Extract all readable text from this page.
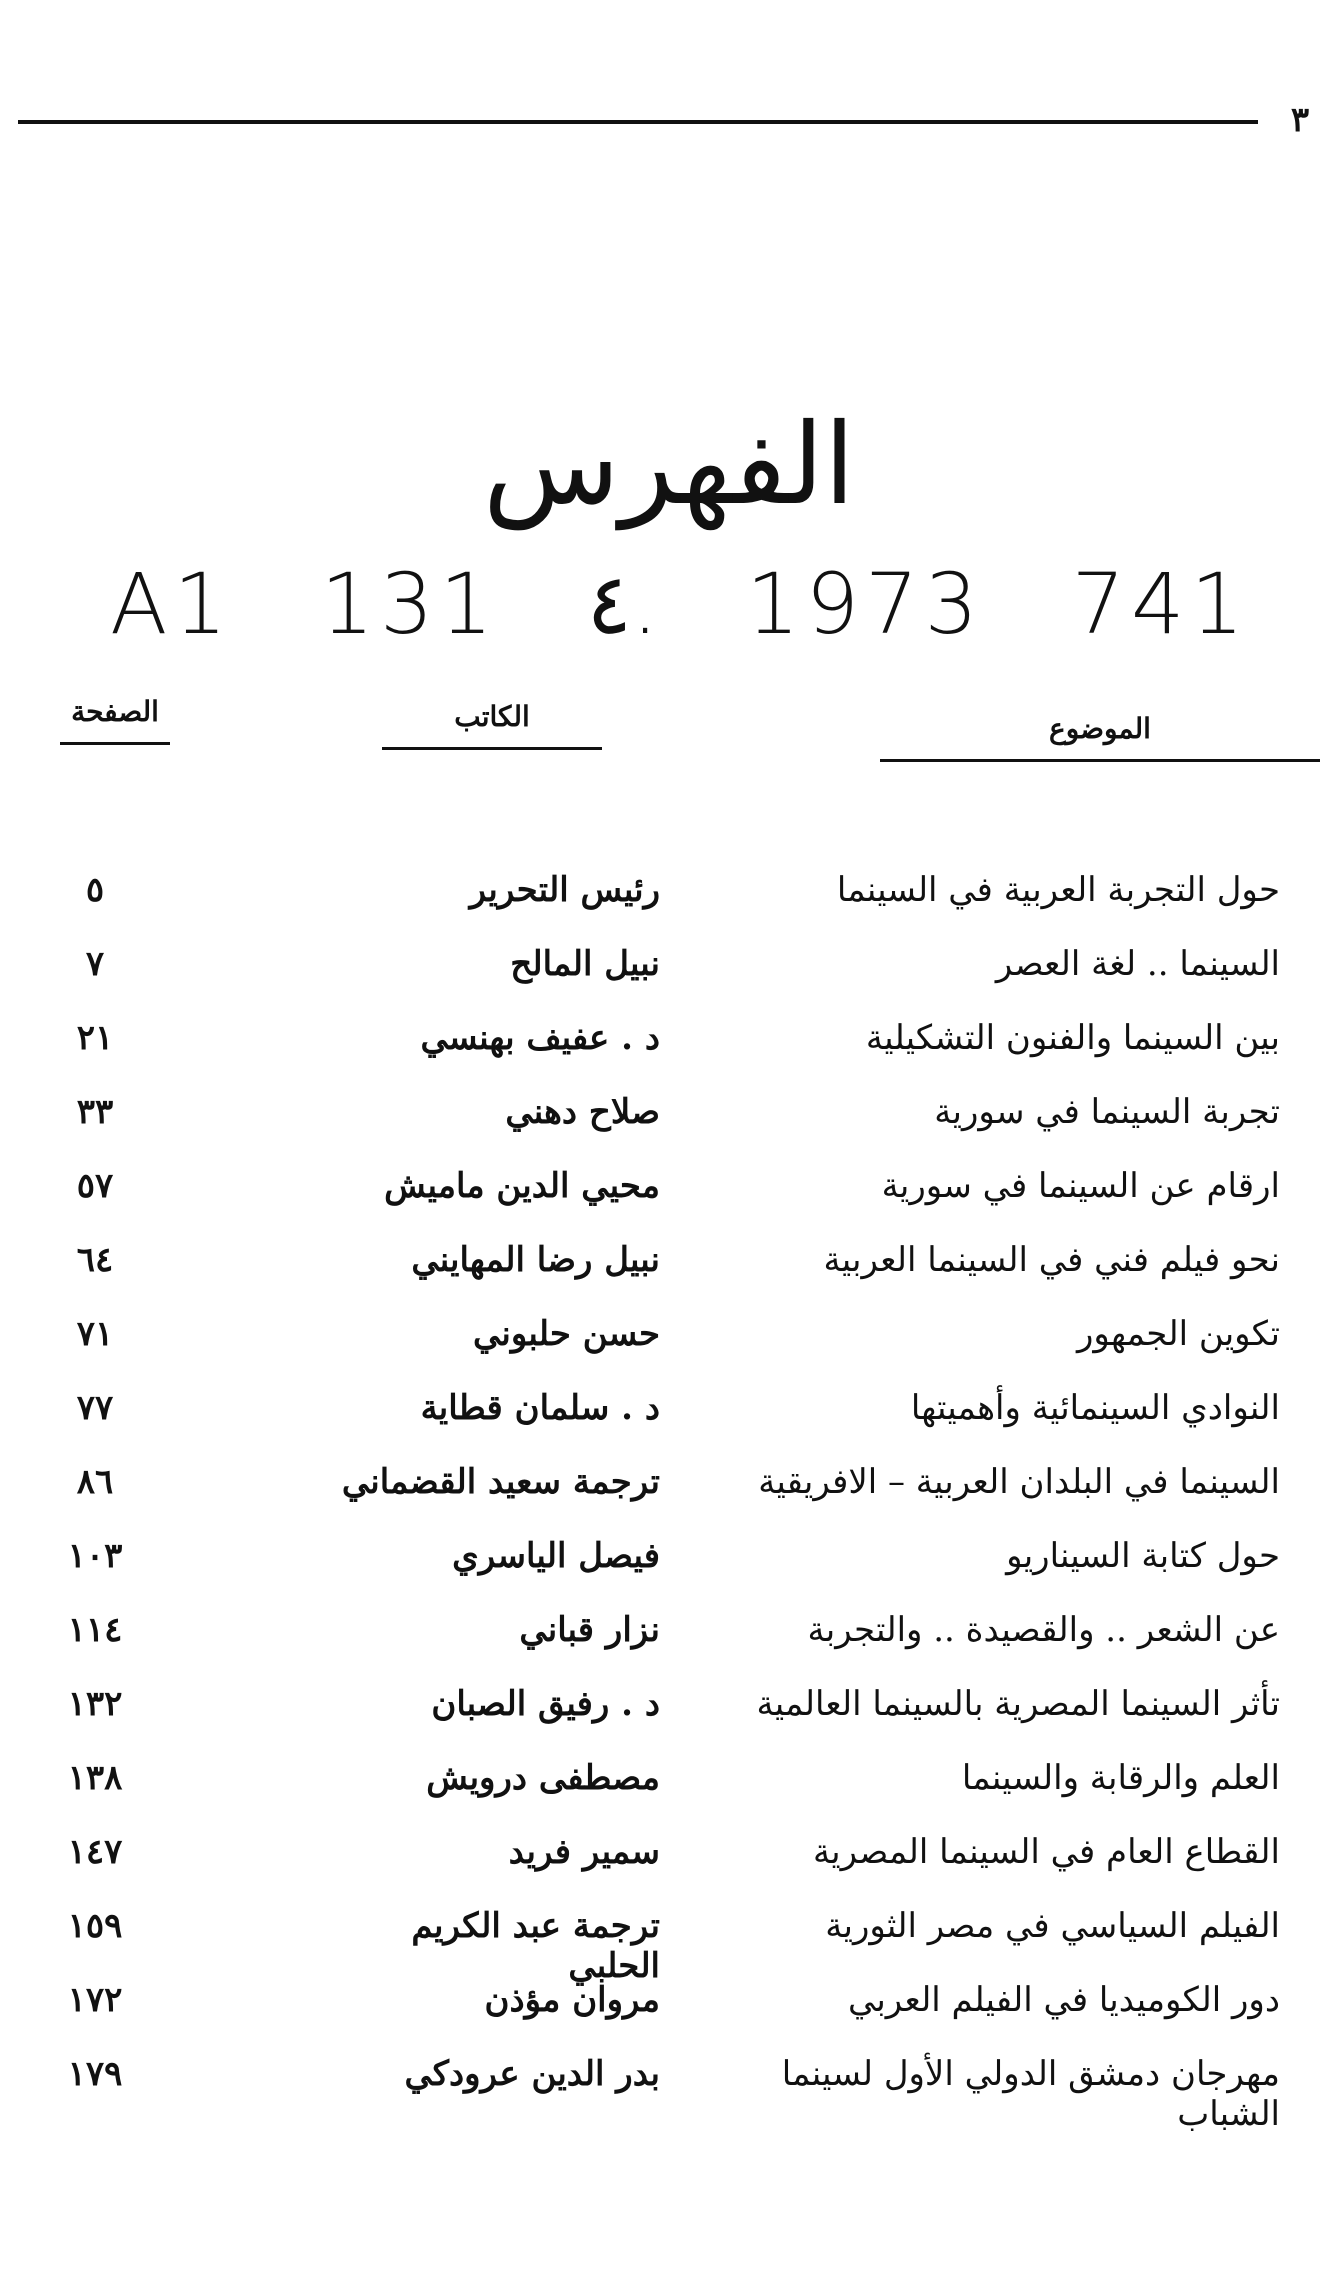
٣
الفهرس
A1 131 ٤. 1973 741
الموضوع
الكاتب
الصفحة
حول التجربة العربية في السينما
رئيس التحرير
٥
السينما .. لغة العصر
نبيل المالح
٧
بين السينما والفنون التشكيلية
د . عفيف بهنسي
٢١
تجربة السينما في سورية
صلاح دهني
٣٣
ارقام عن السينما في سورية
محيي الدين ماميش
٥٧
نحو فيلم فني في السينما العربية
نبيل رضا المهايني
٦٤
تكوين الجمهور
حسن حلبوني
٧١
النوادي السينمائية وأهميتها
د . سلمان قطاية
٧٧
السينما في البلدان العربية – الافريقية
ترجمة سعيد القضماني
٨٦
حول كتابة السيناريو
فيصل الياسري
١٠٣
عن الشعر .. والقصيدة .. والتجربة
نزار قباني
١١٤
تأثر السينما المصرية بالسينما العالمية
د . رفيق الصبان
١٣٢
العلم والرقابة والسينما
مصطفى درويش
١٣٨
القطاع العام في السينما المصرية
سمير فريد
١٤٧
الفيلم السياسي في مصر الثورية
ترجمة عبد الكريم الحلبي
١٥٩
دور الكوميديا في الفيلم العربي
مروان مؤذن
١٧٢
مهرجان دمشق الدولي الأول لسينما الشباب
بدر الدين عرودكي
١٧٩
